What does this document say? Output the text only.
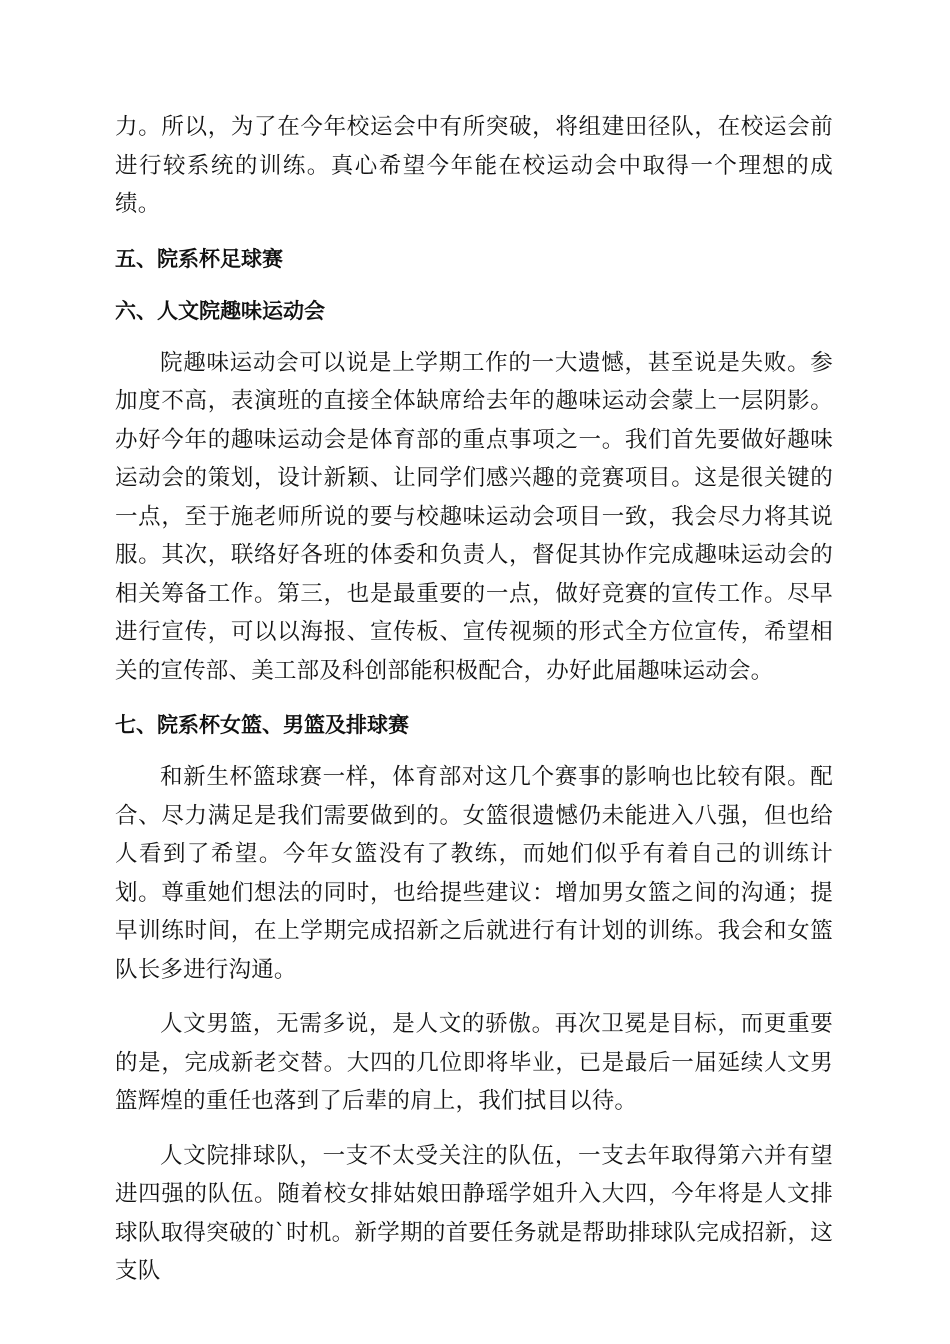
力。所以，为了在今年校运会中有所突破，将组建田径队，在校运会前进行较系统的训练。真心希望今年能在校运动会中取得一个理想的成绩。

五、院系杯足球赛
六、人文院趣味运动会

院趣味运动会可以说是上学期工作的一大遗憾，甚至说是失败。参加度不高，表演班的直接全体缺席给去年的趣味运动会蒙上一层阴影。办好今年的趣味运动会是体育部的重点事项之一。我们首先要做好趣味运动会的策划，设计新颖、让同学们感兴趣的竞赛项目。这是很关键的一点，至于施老师所说的要与校趣味运动会项目一致，我会尽力将其说服。其次，联络好各班的体委和负责人，督促其协作完成趣味运动会的相关筹备工作。第三，也是最重要的一点，做好竞赛的宣传工作。尽早进行宣传，可以以海报、宣传板、宣传视频的形式全方位宣传，希望相关的宣传部、美工部及科创部能积极配合，办好此届趣味运动会。

七、院系杯女篮、男篮及排球赛

和新生杯篮球赛一样，体育部对这几个赛事的影响也比较有限。配合、尽力满足是我们需要做到的。女篮很遗憾仍未能进入八强，但也给人看到了希望。今年女篮没有了教练，而她们似乎有着自己的训练计划。尊重她们想法的同时，也给提些建议：增加男女篮之间的沟通；提早训练时间，在上学期完成招新之后就进行有计划的训练。我会和女篮队长多进行沟通。

人文男篮，无需多说，是人文的骄傲。再次卫冕是目标，而更重要的是，完成新老交替。大四的几位即将毕业，已是最后一届延续人文男篮辉煌的重任也落到了后辈的肩上，我们拭目以待。

人文院排球队，一支不太受关注的队伍，一支去年取得第六并有望进四强的队伍。随着校女排姑娘田静瑶学姐升入大四，今年将是人文排球队取得突破的`时机。新学期的首要任务就是帮助排球队完成招新，这支队
